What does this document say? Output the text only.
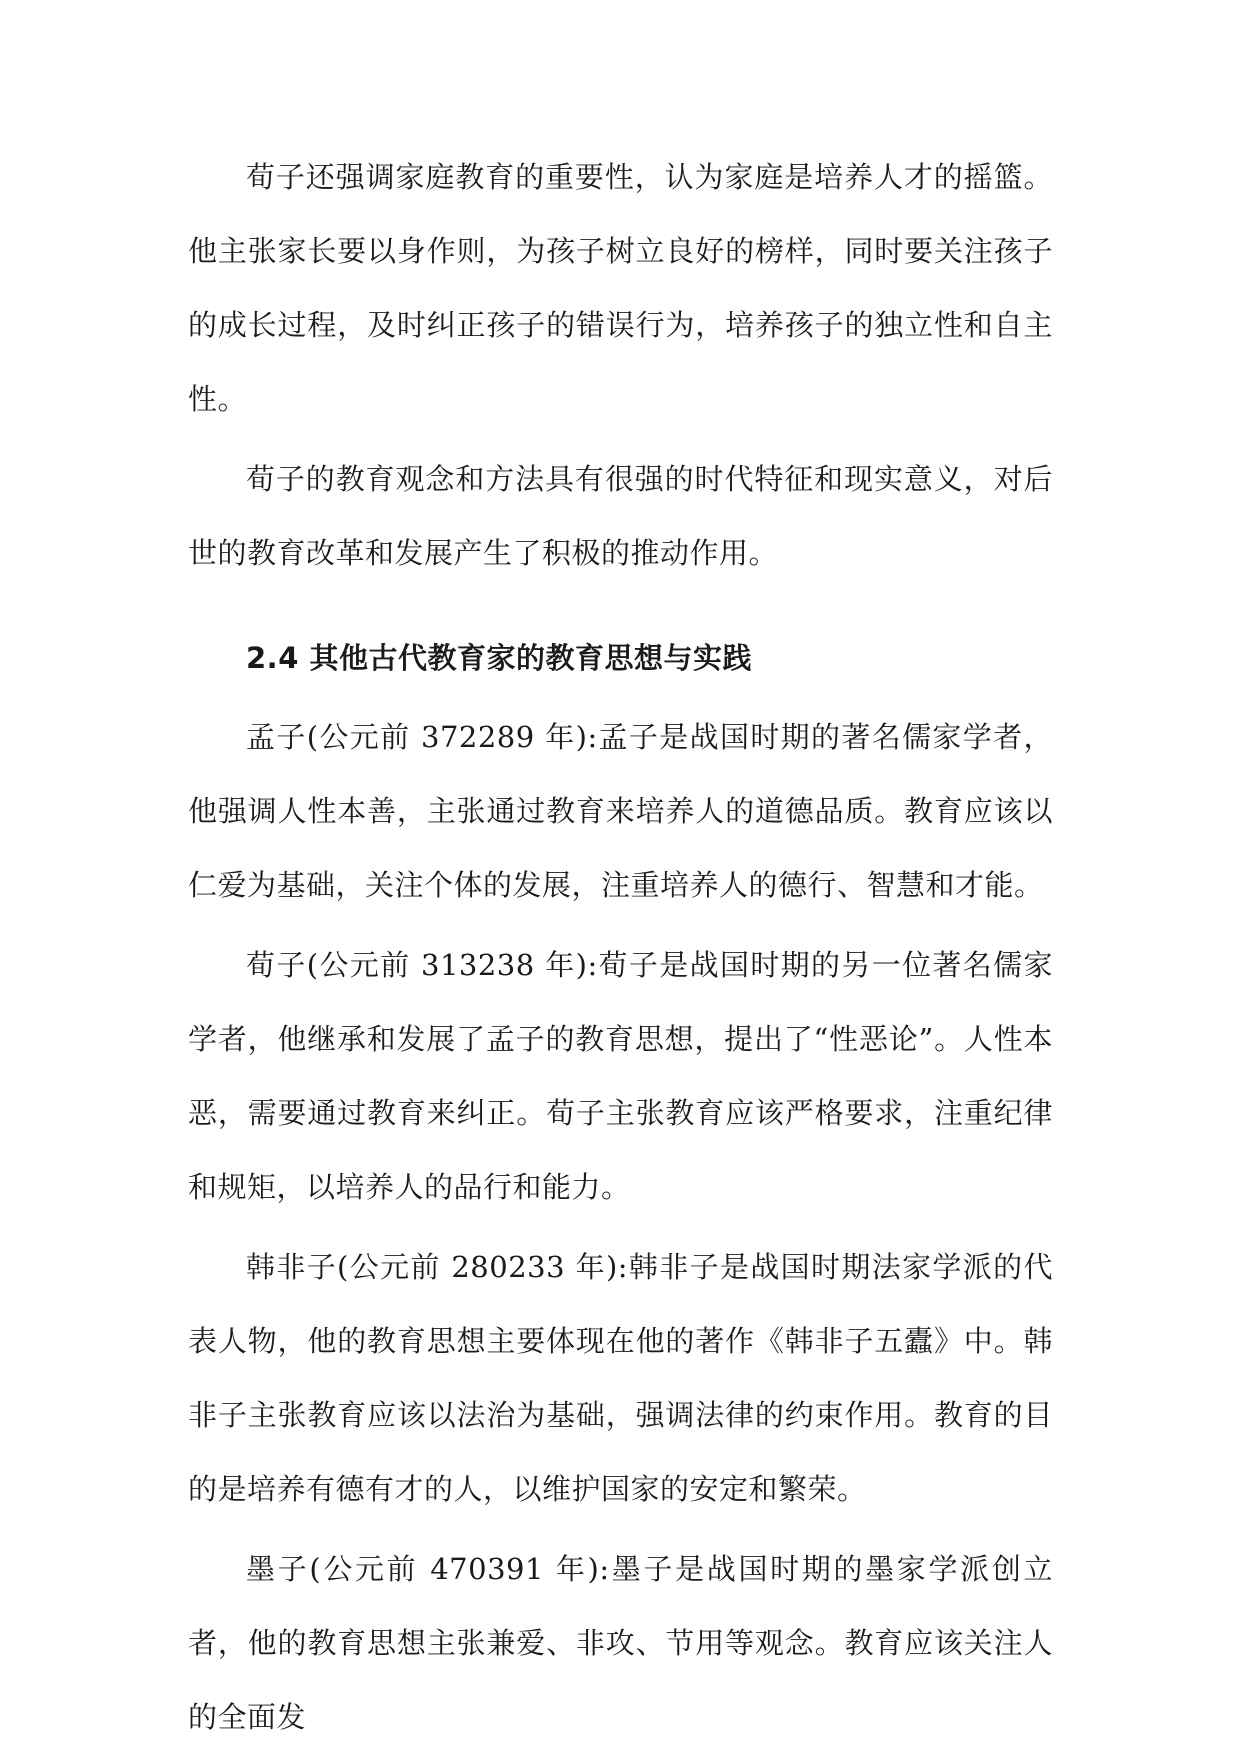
荀子还强调家庭教育的重要性，认为家庭是培养人才的摇篮。他主张家长要以身作则，为孩子树立良好的榜样，同时要关注孩子的成长过程，及时纠正孩子的错误行为，培养孩子的独立性和自主性。

荀子的教育观念和方法具有很强的时代特征和现实意义，对后世的教育改革和发展产生了积极的推动作用。

2.4 其他古代教育家的教育思想与实践

孟子(公元前 372289 年):孟子是战国时期的著名儒家学者，他强调人性本善，主张通过教育来培养人的道德品质。教育应该以仁爱为基础，关注个体的发展，注重培养人的德行、智慧和才能。

荀子(公元前 313238 年):荀子是战国时期的另一位著名儒家学者，他继承和发展了孟子的教育思想，提出了“性恶论”。人性本恶，需要通过教育来纠正。荀子主张教育应该严格要求，注重纪律和规矩，以培养人的品行和能力。

韩非子(公元前 280233 年):韩非子是战国时期法家学派的代表人物，他的教育思想主要体现在他的著作《韩非子五蠹》中。韩非子主张教育应该以法治为基础，强调法律的约束作用。教育的目的是培养有德有才的人，以维护国家的安定和繁荣。

墨子(公元前 470391 年):墨子是战国时期的墨家学派创立者，他的教育思想主张兼爱、非攻、节用等观念。教育应该关注人的全面发
